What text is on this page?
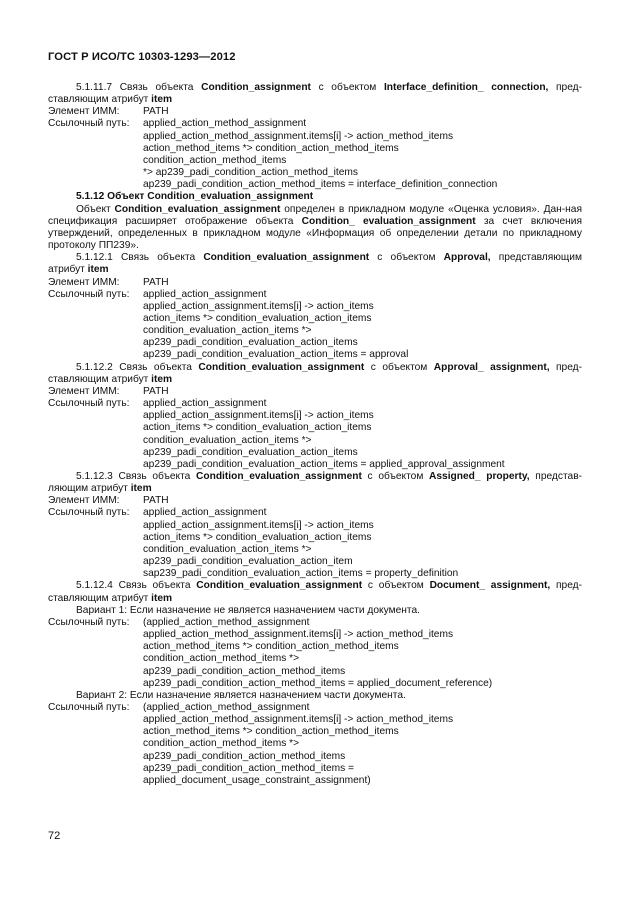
ГОСТ Р ИСО/ТС 10303-1293—2012
5.1.11.7 Связь объекта Condition_assignment с объектом Interface_definition_ connection, пред-ставляющим атрибут item
Элемент ИММ:	PATH
Ссылочный путь:	applied_action_method_assignment
applied_action_method_assignment.items[i] -> action_method_items
action_method_items *> condition_action_method_items
condition_action_method_items
*> ap239_padi_condition_action_method_items
ap239_padi_condition_action_method_items = interface_definition_connection
5.1.12 Объект Condition_evaluation_assignment
Объект Condition_evaluation_assignment определен в прикладном модуле «Оценка условия». Дан-ная спецификация расширяет отображение объекта Condition_ evaluation_assignment за счет включения утверждений, определенных в прикладном модуле «Информация об определении детали по прикладному протоколу ПП239».
5.1.12.1 Связь объекта Condition_evaluation_assignment с объектом Approval, представляющим атрибут item
Элемент ИММ:	PATH
Ссылочный путь:	applied_action_assignment
applied_action_assignment.items[i] -> action_items
action_items *> condition_evaluation_action_items
condition_evaluation_action_items *>
ap239_padi_condition_evaluation_action_items
ap239_padi_condition_evaluation_action_items = approval
5.1.12.2 Связь объекта Condition_evaluation_assignment с объектом Approval_ assignment, пред-ставляющим атрибут item
Элемент ИММ:	PATH
Ссылочный путь:	applied_action_assignment
applied_action_assignment.items[i] -> action_items
action_items *> condition_evaluation_action_items
condition_evaluation_action_items *>
ap239_padi_condition_evaluation_action_items
ap239_padi_condition_evaluation_action_items = applied_approval_assignment
5.1.12.3 Связь объекта Condition_evaluation_assignment с объектом Assigned_ property, представ-ляющим атрибут item
Элемент ИММ:	PATH
Ссылочный путь:	applied_action_assignment
applied_action_assignment.items[i] -> action_items
action_items *> condition_evaluation_action_items
condition_evaluation_action_items *>
ap239_padi_condition_evaluation_action_item
sap239_padi_condition_evaluation_action_items = property_definition
5.1.12.4 Связь объекта Condition_evaluation_assignment с объектом Document_ assignment, пред-ставляющим атрибут item
Вариант 1: Если назначение не является назначением части документа.
Ссылочный путь:	(applied_action_method_assignment
applied_action_method_assignment.items[i] -> action_method_items
action_method_items *> condition_action_method_items
condition_action_method_items *>
ap239_padi_condition_action_method_items
ap239_padi_condition_action_method_items = applied_document_reference)
Вариант 2: Если назначение является назначением части документа.
Ссылочный путь:	(applied_action_method_assignment
applied_action_method_assignment.items[i] -> action_method_items
action_method_items *> condition_action_method_items
condition_action_method_items *>
ap239_padi_condition_action_method_items
ap239_padi_condition_action_method_items =
applied_document_usage_constraint_assignment)
72
